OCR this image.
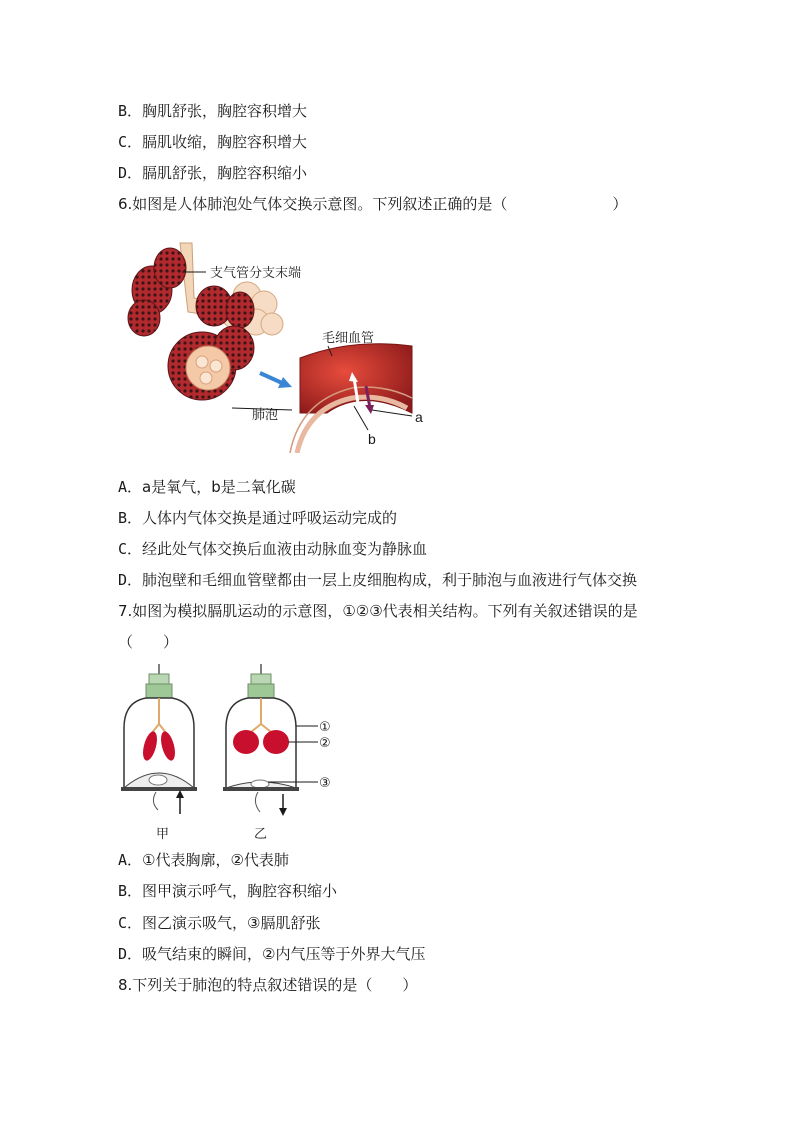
B．胸肌舒张，胸腔容积增大
C．膈肌收缩，胸腔容积增大
D．膈肌舒张，胸腔容积缩小
6.如图是人体肺泡处气体交换示意图。下列叙述正确的是（　　　　　　　）
支气管分支末端
毛细血管
肺泡	a
b
A．a是氧气，b是二氧化碳
B．人体内气体交换是通过呼吸运动完成的
C．经此处气体交换后血液由动脉血变为静脉血
D．肺泡壁和毛细血管壁都由一层上皮细胞构成，利于肺泡与血液进行气体交换
7.如图为模拟膈肌运动的示意图，①②③代表相关结构。下列有关叙述错误的是
（　　）
①
②
③
甲	乙
A．①代表胸廓，②代表肺
B．图甲演示呼气，胸腔容积缩小
C．图乙演示吸气，③膈肌舒张
D．吸气结束的瞬间，②内气压等于外界大气压
8.下列关于肺泡的特点叙述错误的是（　　）
